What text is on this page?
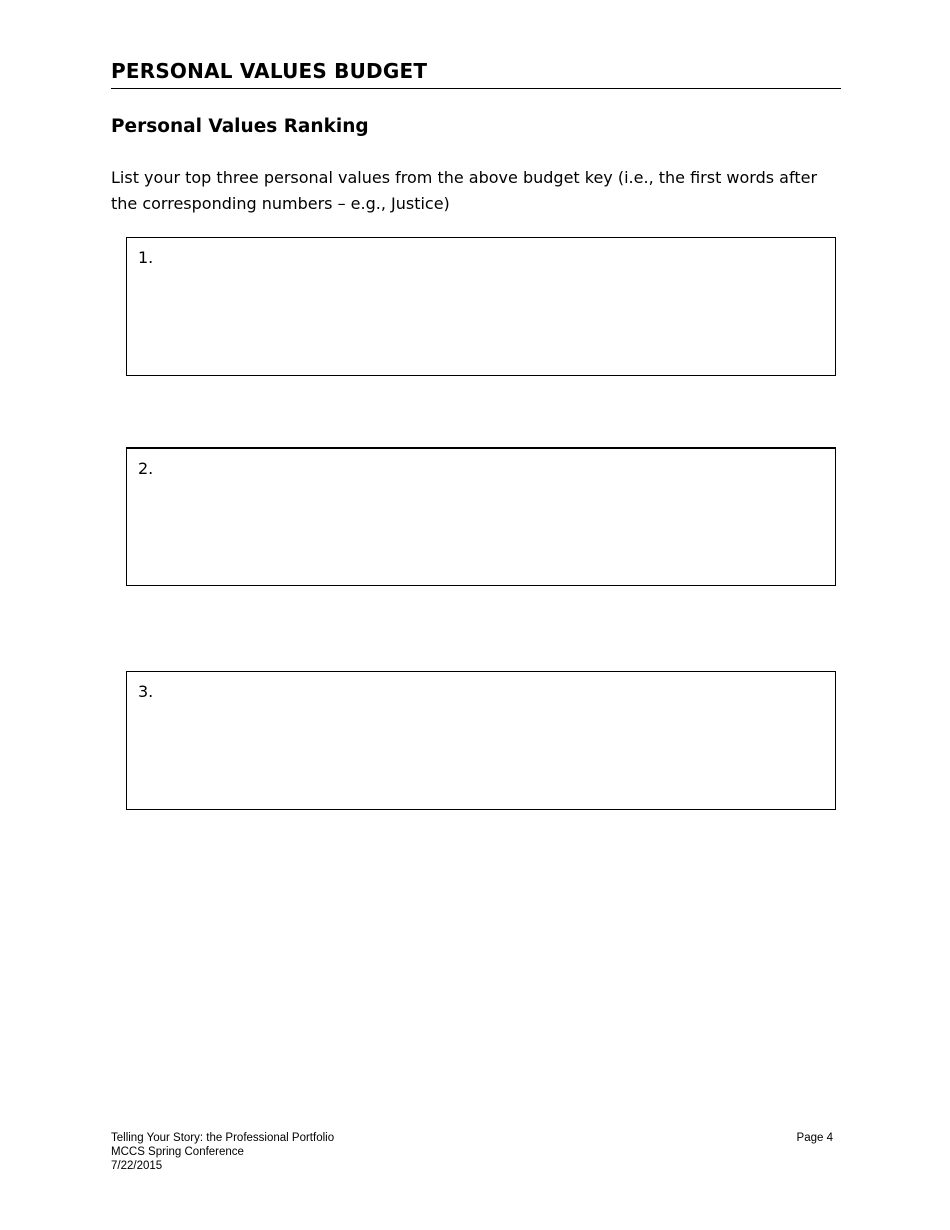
PERSONAL VALUES BUDGET
Personal Values Ranking

List your top three personal values from the above budget key (i.e., the first words after the corresponding numbers – e.g., Justice)

1.
2.
3.
Telling Your Story: the Professional Portfolio
MCCS Spring Conference
7/22/2015
Page 4
